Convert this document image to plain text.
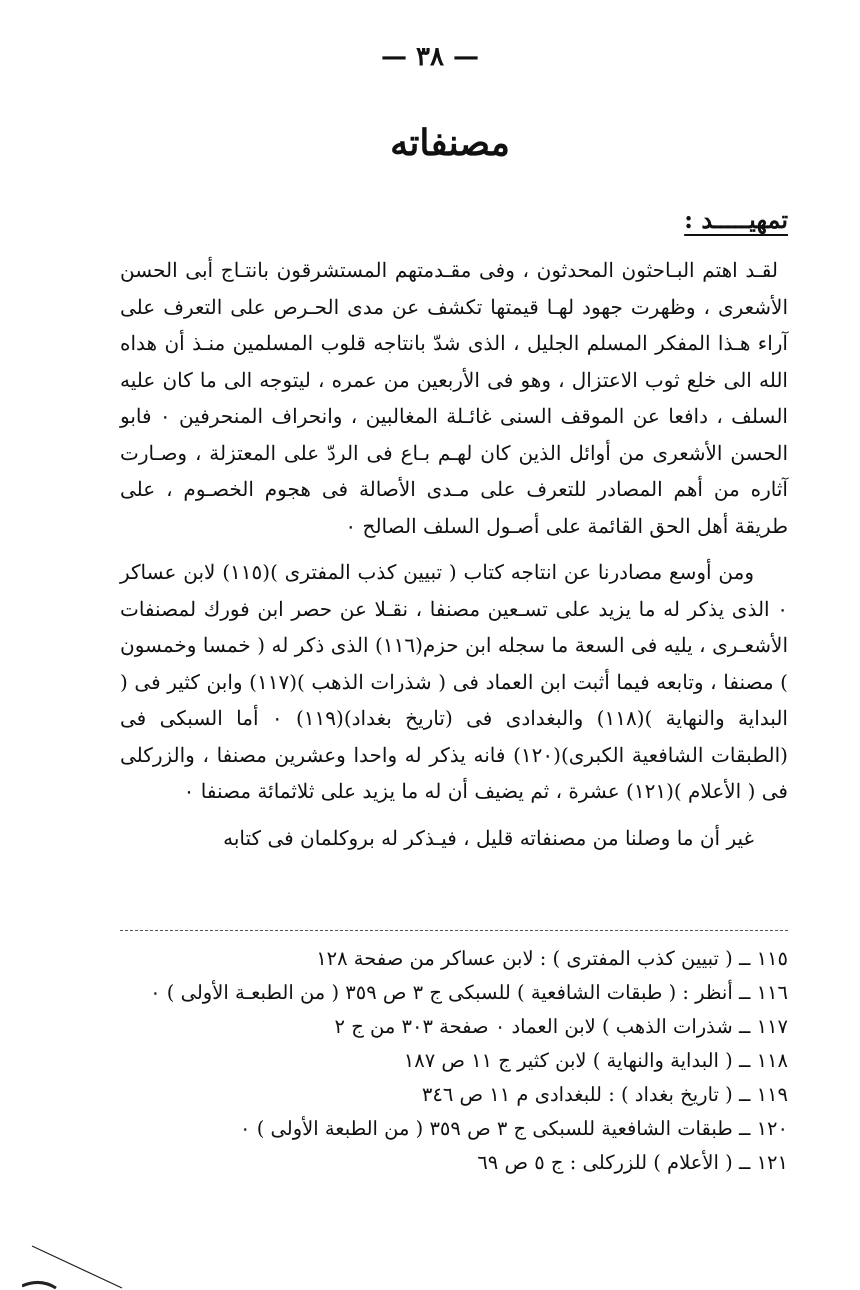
— ٣٨ —
مصنفاته
تمهيـــــد :

لقـد اهتم البـاحثون المحدثون ، وفى مقـدمتهم المستشرقون بانتـاج أبى الحسن الأشعرى ، وظهرت جهود لهـا قيمتها تكشف عن مدى الحـرص على التعرف على آراء هـذا المفكر المسلم الجليل ، الذى شدّ بانتاجه قلوب المسلمين منـذ أن هداه الله الى خلع ثوب الاعتزال ، وهو فى الأربعين من عمره ، ليتوجه الى ما كان عليه السلف ، دافعا عن الموقف السنى غائـلة المغالبين ، وانحراف المنحرفين ٠ فابو الحسن الأشعرى من أوائل الذين كان لهـم بـاع فى الردّ على المعتزلة ، وصـارت آثاره من أهم المصادر للتعرف على مـدى الأصالة فى هجوم الخصـوم ، على طريقة أهل الحق القائمة على أصـول السلف الصالح ٠

ومن أوسع مصادرنا عن انتاجه كتاب ( تبيين كذب المفترى )(١١٥) لابن عساكر ٠ الذى يذكر له ما يزيد على تسـعين مصنفا ، نقـلا عن حصر ابن فورك لمصنفات الأشعـرى ، يليه فى السعة ما سجله ابن حزم(١١٦) الذى ذكر له ( خمسا وخمسون ) مصنفا ، وتابعه فيما أثبت ابن العماد فى ( شذرات الذهب )(١١٧) وابن كثير فى ( البداية والنهاية )(١١٨) والبغدادى فى (تاريخ بغداد)(١١٩) ٠ أما السبكى فى (الطبقات الشافعية الكبرى)(١٢٠) فانه يذكر له واحدا وعشرين مصنفا ، والزركلى فى ( الأعلام )(١٢١) عشرة ، ثم يضيف أن له ما يزيد على ثلاثمائة مصنفا ٠

غير أن ما وصلنا من مصنفاته قليل ، فيـذكر له بروكلمان فى كتابه

١١٥ ــ ( تبيين كذب المفترى ) : لابن عساكر من صفحة ١٢٨
١١٦ ــ أنظر : ( طبقات الشافعية ) للسبكى ج ٣ ص ٣٥٩ ( من الطبعـة الأولى ) ٠
١١٧ ــ شذرات الذهب ) لابن العماد ٠ صفحة ٣٠٣ من ج ٢
١١٨ ــ ( البداية والنهاية ) لابن كثير ج ١١ ص ١٨٧
١١٩ ــ ( تاريخ بغداد ) : للبغدادى م ١١ ص ٣٤٦
١٢٠ ــ طبقات الشافعية للسبكى ج ٣ ص ٣٥٩ ( من الطبعة الأولى ) ٠
١٢١ ــ ( الأعلام ) للزركلى : ج ٥ ص ٦٩
